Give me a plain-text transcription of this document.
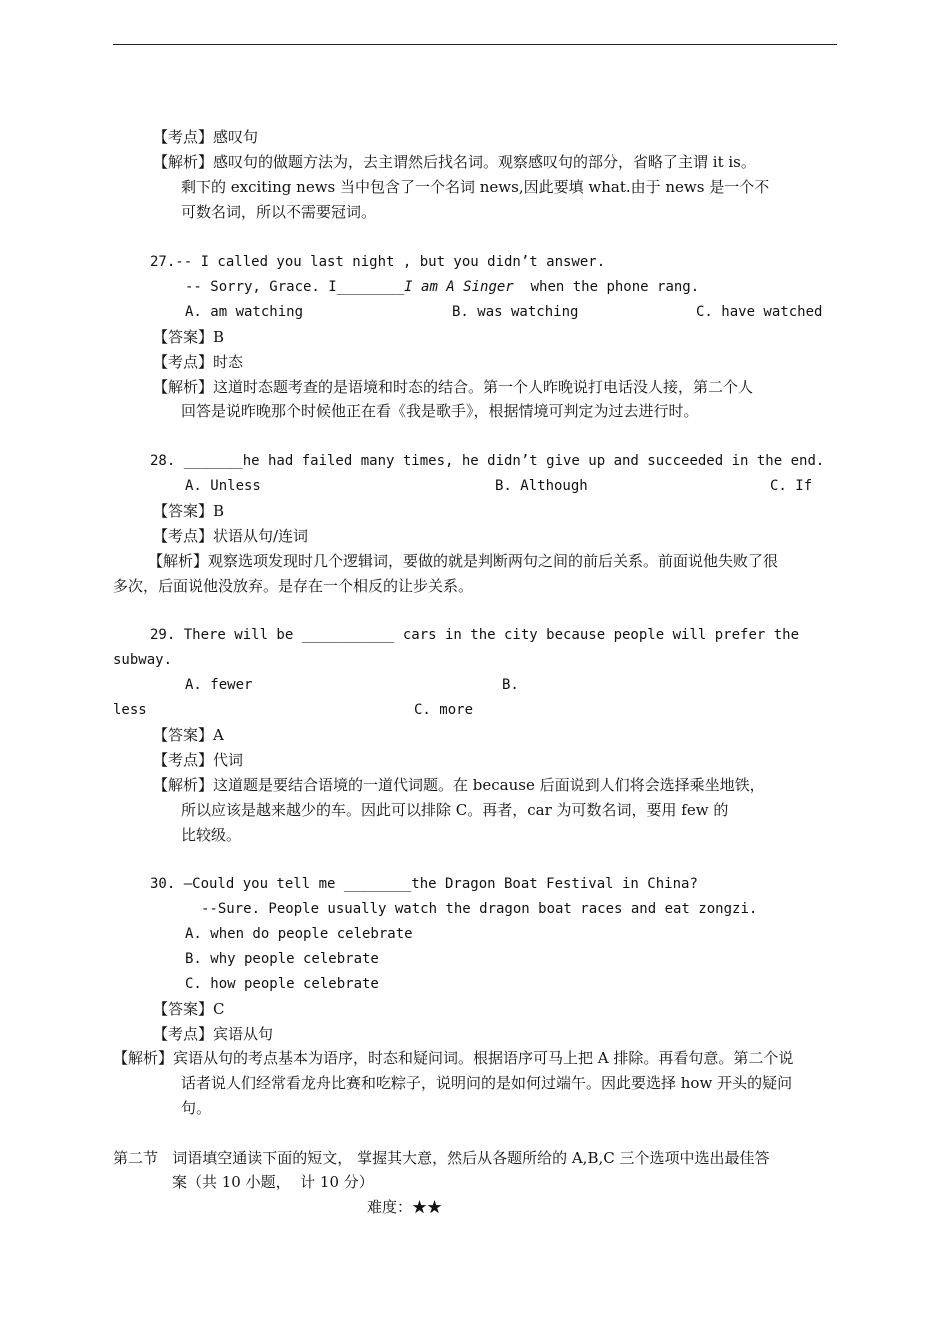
【考点】感叹句
【解析】感叹句的做题方法为，去主谓然后找名词。观察感叹句的部分，省略了主谓 it is。
剩下的 exciting news 当中包含了一个名词 news,因此要填 what.由于 news 是一个不
可数名词，所以不需要冠词。
27.-- I called you last night , but you didn’t answer.
-- Sorry, Grace. I________I am A Singer when the phone rang.
A. am watching	B. was watching	C. have watched
【答案】B
【考点】时态
【解析】这道时态题考查的是语境和时态的结合。第一个人昨晚说打电话没人接，第二个人
回答是说昨晚那个时候他正在看《我是歌手》，根据情境可判定为过去进行时。
28. _______he had failed many times, he didn’t give up and succeeded in the end.
A. Unless	B. Although	C. If
【答案】B
【考点】状语从句/连词
【解析】观察选项发现时几个逻辑词，要做的就是判断两句之间的前后关系。前面说他失败了很
多次，后面说他没放弃。是存在一个相反的让步关系。
29. There will be ___________ cars in the city because people will prefer the
subway.
A. fewer	B.
less	C. more
【答案】A
【考点】代词
【解析】这道题是要结合语境的一道代词题。在 because 后面说到人们将会选择乘坐地铁，
所以应该是越来越少的车。因此可以排除 C。再者，car 为可数名词，要用 few 的
比较级。
30. –Could you tell me ________the Dragon Boat Festival in China?
--Sure. People usually watch the dragon boat races and eat zongzi.
A. when do people celebrate
B. why people celebrate
C. how people celebrate
【答案】C
【考点】宾语从句
【解析】宾语从句的考点基本为语序，时态和疑问词。根据语序可马上把 A 排除。再看句意。第二个说
话者说人们经常看龙舟比赛和吃粽子，说明问的是如何过端午。因此要选择 how 开头的疑问
句。
第二节   词语填空通读下面的短文， 掌握其大意，然后从各题所给的 A,B,C 三个选项中选出最佳答
案（共 10 小题，  计 10 分）
难度：★★
